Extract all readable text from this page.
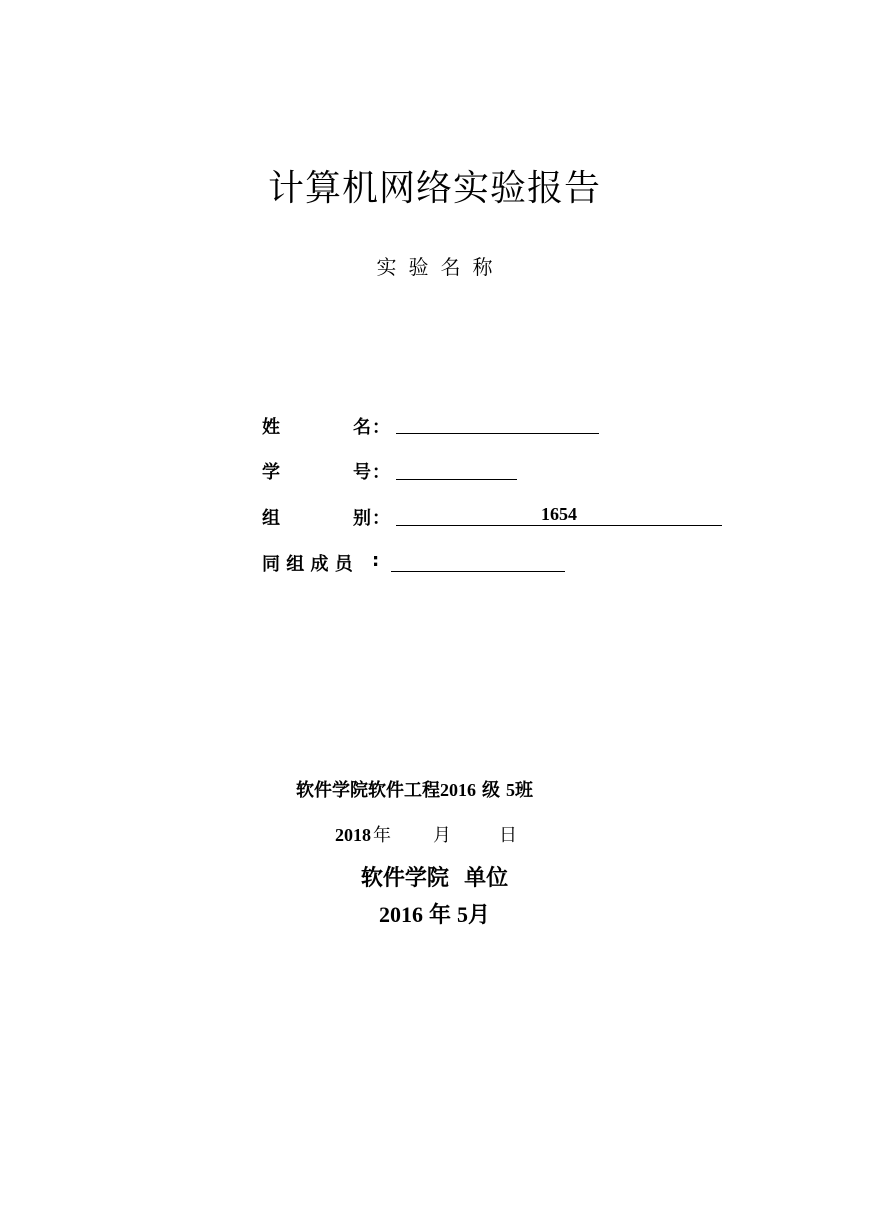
计算机网络实验报告
实验名称
姓	名 ：
学	号 ：
组	别 ：	1654
同 组 成 员 :
软件学院软件工程2016 级 5班
2018 年 月	日
软件学院  单位
2016 年 5月
